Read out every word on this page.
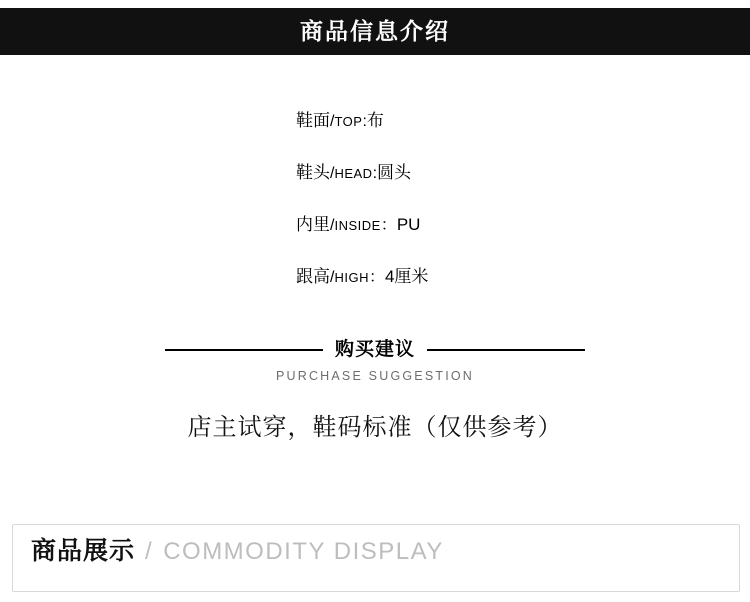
商品信息介绍
鞋面/TOP:布
鞋头/HEAD:圆头
内里/INSIDE：PU
跟高/HIGH：4厘米
购买建议
PURCHASE SUGGESTION
店主试穿，鞋码标准（仅供参考）
商品展示 / COMMODITY DISPLAY
